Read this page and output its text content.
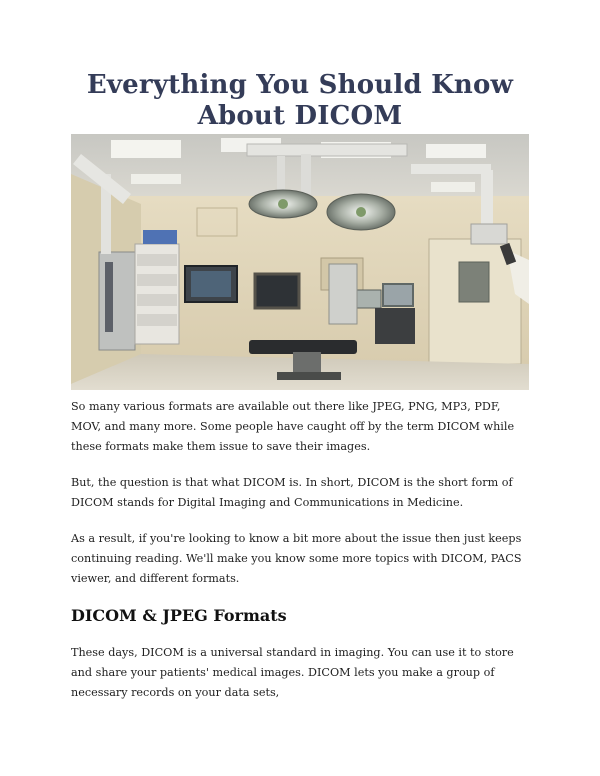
Everything You Should Know
About DICOM

So many various formats are available out there like JPEG, PNG, MP3, PDF, MOV, and many more. Some people have caught off by the term DICOM while these formats make them issue to save their images.

But, the question is that what DICOM is. In short, DICOM is the short form of DICOM stands for Digital Imaging and Communications in Medicine.

As a result, if you're looking to know a bit more about the issue then just keeps continuing reading. We'll make you know some more topics with DICOM, PACS viewer, and different formats.

DICOM & JPEG Formats

These days, DICOM is a universal standard in imaging. You can use it to store and share your patients' medical images. DICOM lets you make a group of necessary records on your data sets,
